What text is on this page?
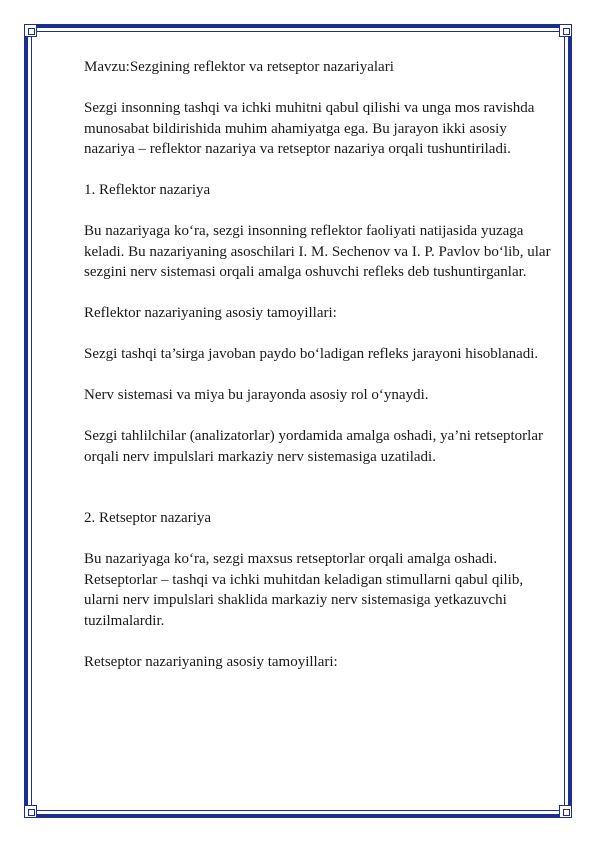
Mavzu:Sezgining reflektor va retseptor nazariyalari

Sezgi insonning tashqi va ichki muhitni qabul qilishi va unga mos ravishda munosabat bildirishida muhim ahamiyatga ega. Bu jarayon ikki asosiy nazariya – reflektor nazariya va retseptor nazariya orqali tushuntiriladi.

1. Reflektor nazariya

Bu nazariyaga ko‘ra, sezgi insonning reflektor faoliyati natijasida yuzaga keladi. Bu nazariyaning asoschilari I. M. Sechenov va I. P. Pavlov bo‘lib, ular sezgini nerv sistemasi orqali amalga oshuvchi refleks deb tushuntirganlar.

Reflektor nazariyaning asosiy tamoyillari:

Sezgi tashqi ta’sirga javoban paydo bo‘ladigan refleks jarayoni hisoblanadi.

Nerv sistemasi va miya bu jarayonda asosiy rol o‘ynaydi.

Sezgi tahlilchilar (analizatorlar) yordamida amalga oshadi, ya’ni retseptorlar orqali nerv impulslari markaziy nerv sistemasiga uzatiladi.

2. Retseptor nazariya

Bu nazariyaga ko‘ra, sezgi maxsus retseptorlar orqali amalga oshadi. Retseptorlar – tashqi va ichki muhitdan keladigan stimullarni qabul qilib, ularni nerv impulslari shaklida markaziy nerv sistemasiga yetkazuvchi tuzilmalardir.

Retseptor nazariyaning asosiy tamoyillari:
